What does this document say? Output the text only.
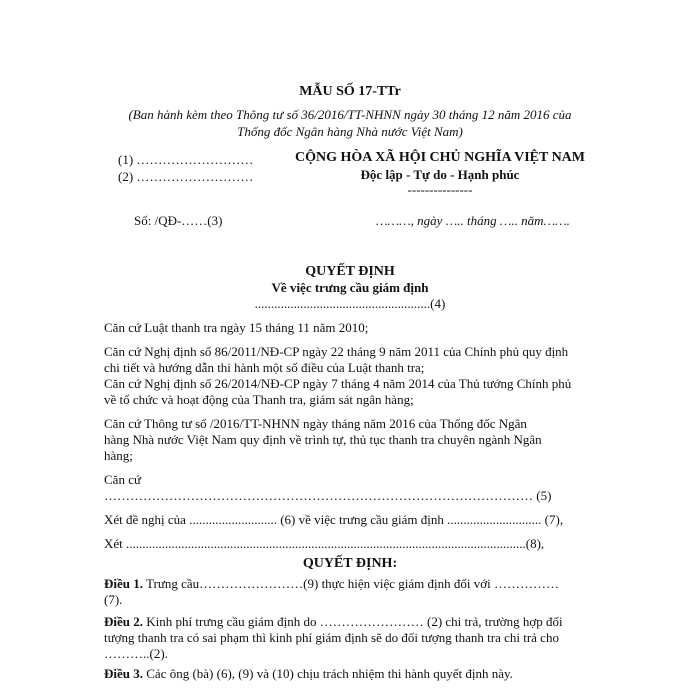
MẪU SỐ 17-TTr
(Ban hành kèm theo Thông tư số 36/2016/TT-NHNN ngày 30 tháng 12 năm 2016 của
Thống đốc Ngân hàng Nhà nước Việt Nam)
(1) ………………………
(2) ………………………
CỘNG HÒA XÃ HỘI CHỦ NGHĨA VIỆT NAM
Độc lập - Tự do - Hạnh phúc
---------------
Số: /QĐ-……(3)	………, ngày ….. tháng ….. năm…….
QUYẾT ĐỊNH
Về việc trưng cầu giám định
......................................................(4)
Căn cứ Luật thanh tra ngày 15 tháng 11 năm 2010;
Căn cứ Nghị định số 86/2011/NĐ-CP ngày 22 tháng 9 năm 2011 của Chính phủ quy định
chi tiết và hướng dẫn thi hành một số điều của Luật thanh tra;
Căn cứ Nghị định số 26/2014/NĐ-CP ngày 7 tháng 4 năm 2014 của Thủ tướng Chính phủ
về tổ chức và hoạt động của Thanh tra, giám sát ngân hàng;
Căn cứ Thông tư số /2016/TT-NHNN ngày tháng năm 2016 của Thống đốc Ngân
hàng Nhà nước Việt Nam quy định về trình tự, thủ tục thanh tra chuyên ngành Ngân
hàng;
Căn cứ
……………………………………………………………………………………… (5)
Xét đề nghị của ........................... (6) về việc trưng cầu giám định ............................. (7),
Xét ...........................................................................................................................(8),
QUYẾT ĐỊNH:
Điều 1. Trưng cầu……………………(9) thực hiện việc giám định đối với ……………
(7).
Điều 2. Kinh phí trưng cầu giám định do …………………… (2) chi trả, trường hợp đối
tượng thanh tra có sai phạm thì kinh phí giám định sẽ do đối tượng thanh tra chi trả cho
………..(2).
Điều 3. Các ông (bà) (6), (9) và (10) chịu trách nhiệm thi hành quyết định này.
